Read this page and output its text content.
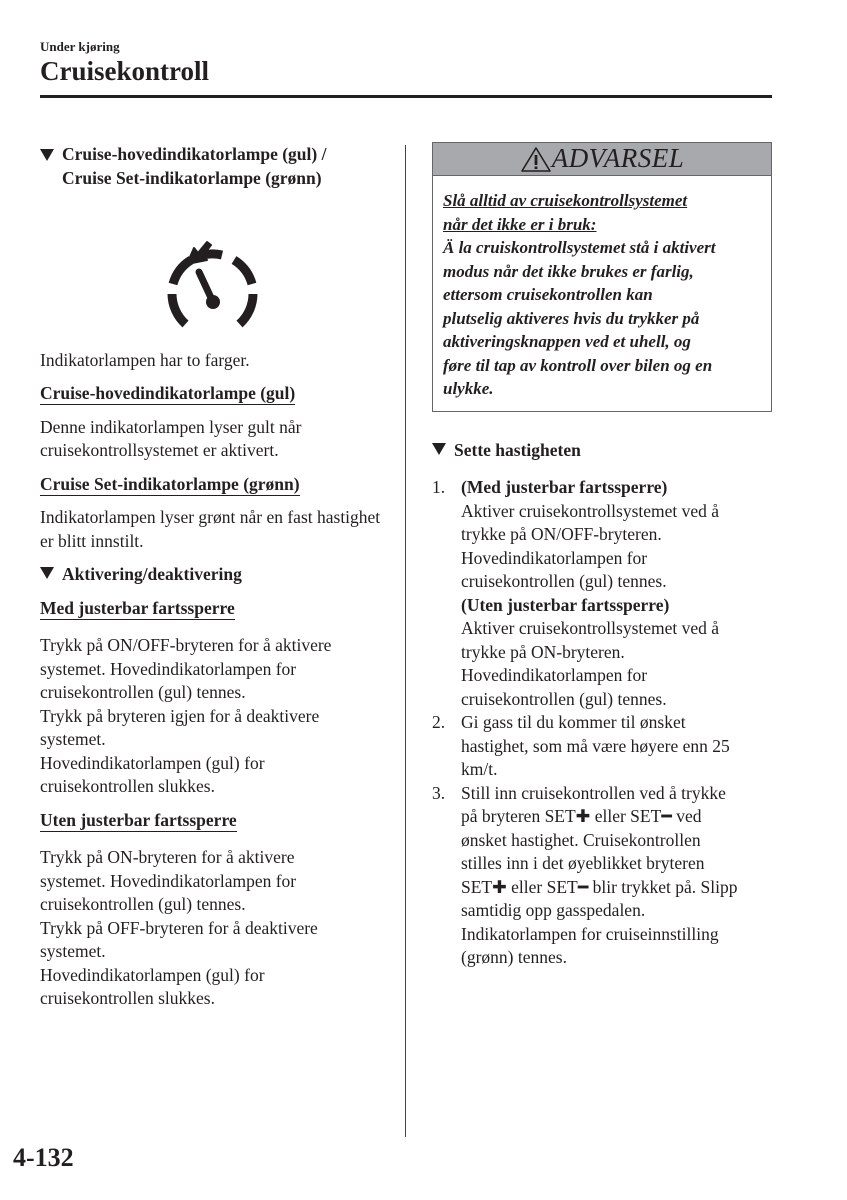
Under kjøring
Cruisekontroll
Cruise-hovedindikatorlampe (gul) /
Cruise Set-indikatorlampe (grønn)

Indikatorlampen har to farger.

Cruise-hovedindikatorlampe (gul)

Denne indikatorlampen lyser gult når cruisekontrollsystemet er aktivert.

Cruise Set-indikatorlampe (grønn)

Indikatorlampen lyser grønt når en fast hastighet er blitt innstilt.

Aktivering/deaktivering
Med justerbar fartssperre
Trykk på ON/OFF-bryteren for å aktivere
systemet. Hovedindikatorlampen for
cruisekontrollen (gul) tennes.
Trykk på bryteren igjen for å deaktivere
systemet.
Hovedindikatorlampen (gul) for
cruisekontrollen slukkes.
Uten justerbar fartssperre
Trykk på ON-bryteren for å aktivere
systemet. Hovedindikatorlampen for
cruisekontrollen (gul) tennes.
Trykk på OFF-bryteren for å deaktivere
systemet.
Hovedindikatorlampen (gul) for
cruisekontrollen slukkes.
ADVARSEL
Slå alltid av cruisekontrollsystemet
når det ikke er i bruk:
Ä la cruiskontrollsystemet stå i aktivert
modus når det ikke brukes er farlig,
ettersom cruisekontrollen kan
plutselig aktiveres hvis du trykker på
aktiveringsknappen ved et uhell, og
føre til tap av kontroll over bilen og en
ulykke.
Sette hastigheten
1. (Med justerbar fartssperre)
Aktiver cruisekontrollsystemet ved å
trykke på ON/OFF-bryteren.
Hovedindikatorlampen for
cruisekontrollen (gul) tennes.
(Uten justerbar fartssperre)
Aktiver cruisekontrollsystemet ved å
trykke på ON-bryteren.
Hovedindikatorlampen for
cruisekontrollen (gul) tennes.
2. Gi gass til du kommer til ønsket
hastighet, som må være høyere enn 25
km/t.
3. Still inn cruisekontrollen ved å trykke
på bryteren SET✚ eller SET━ ved
ønsket hastighet. Cruisekontrollen
stilles inn i det øyeblikket bryteren
SET✚ eller SET━ blir trykket på. Slipp
samtidig opp gasspedalen.
Indikatorlampen for cruiseinnstilling
(grønn) tennes.
4-132
